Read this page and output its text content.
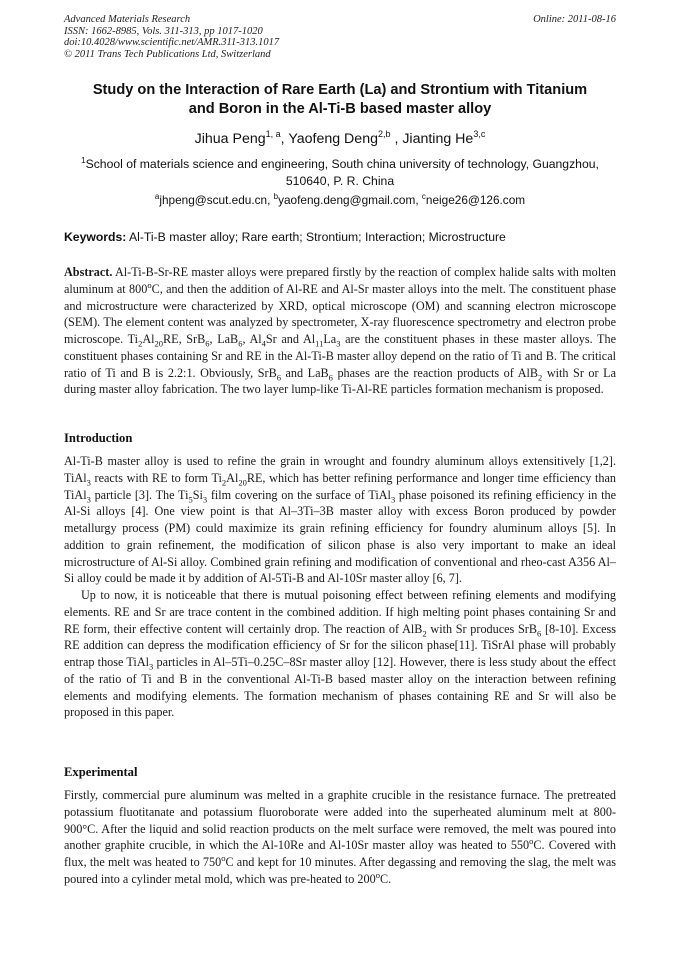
Advanced Materials Research
ISSN: 1662-8985, Vols. 311-313, pp 1017-1020
doi:10.4028/www.scientific.net/AMR.311-313.1017
© 2011 Trans Tech Publications Ltd, Switzerland
Online: 2011-08-16
Study on the Interaction of Rare Earth (La) and Strontium with Titanium
and Boron in the Al-Ti-B based master alloy
Jihua Peng$^{1, a}$, Yaofeng Deng$^{2,b}$ , Jianting He$^{3,c}$
$^1$School of materials science and engineering, South china university of technology, Guangzhou,
510640, P. R. China
$^a$jhpeng@scut.edu.cn, $^b$yaofeng.deng@gmail.com, $^c$neige26@126.com
Keywords: Al-Ti-B master alloy; Rare earth; Strontium; Interaction; Microstructure

Abstract. Al-Ti-B-Sr-RE master alloys were prepared firstly by the reaction of complex halide salts with molten aluminum at 800$^o$C, and then the addition of Al-RE and Al-Sr master alloys into the melt. The constituent phase and microstructure were characterized by XRD, optical microscope (OM) and scanning electron microscope (SEM). The element content was analyzed by spectrometer, X-ray fluorescence spectrometry and electron probe microscope. $Ti_2Al_{20}RE$, SrB$_6$, LaB$_6$, $Al_4Sr$ and $Al_{11}La_3$ are the constituent phases in these master alloys. The constituent phases containing Sr and RE in the Al-Ti-B master alloy depend on the ratio of Ti and B. The critical ratio of Ti and B is 2.2:1. Obviously, SrB$_6$ and LaB$_6$ phases are the reaction products of AlB$_2$ with Sr or La during master alloy fabrication. The two layer lump-like Ti-Al-RE particles formation mechanism is proposed.

Introduction

Al-Ti-B master alloy is used to refine the grain in wrought and foundry aluminum alloys extensitively [1,2]. TiAl$_3$ reacts with RE to form $Ti_2Al_{20}RE$, which has better refining performance and longer time efficiency than TiAl$_3$ particle [3]. The $Ti_5Si_3$ film covering on the surface of TiAl$_3$ phase poisoned its refining efficiency in the Al-Si alloys [4]. One view point is that Al–3Ti–3B master alloy with excess Boron produced by powder metallurgy process (PM) could maximize its grain refining efficiency for foundry aluminum alloys [5]. In addition to grain refinement, the modification of silicon phase is also very important to make an ideal microstructure of Al-Si alloy. Combined grain refining and modification of conventional and rheo-cast A356 Al–Si alloy could be made it by addition of Al-5Ti-B and Al-10Sr master alloy [6, 7].

Up to now, it is noticeable that there is mutual poisoning effect between refining elements and modifying elements. RE and Sr are trace content in the combined addition. If high melting point phases containing Sr and RE form, their effective content will certainly drop. The reaction of AlB$_2$ with Sr produces SrB$_6$ [8-10]. Excess RE addition can depress the modification efficiency of Sr for the silicon phase[11]. TiSrAl phase will probably entrap those TiAl$_3$ particles in Al–5Ti–0.25C–8Sr master alloy [12]. However, there is less study about the effect of the ratio of Ti and B in the conventional Al-Ti-B based master alloy on the interaction between refining elements and modifying elements. The formation mechanism of phases containing RE and Sr will also be proposed in this paper.

Experimental

Firstly, commercial pure aluminum was melted in a graphite crucible in the resistance furnace. The pretreated potassium fluotitanate and potassium fluoroborate were added into the superheated aluminum melt at 800-900°C. After the liquid and solid reaction products on the melt surface were removed, the melt was poured into another graphite crucible, in which the Al-10Re and Al-10Sr master alloy was heated to 550$^o$C. Covered with flux, the melt was heated to 750$^o$C and kept for 10 minutes. After degassing and removing the slag, the melt was poured into a cylinder metal mold, which was pre-heated to 200$^o$C.
